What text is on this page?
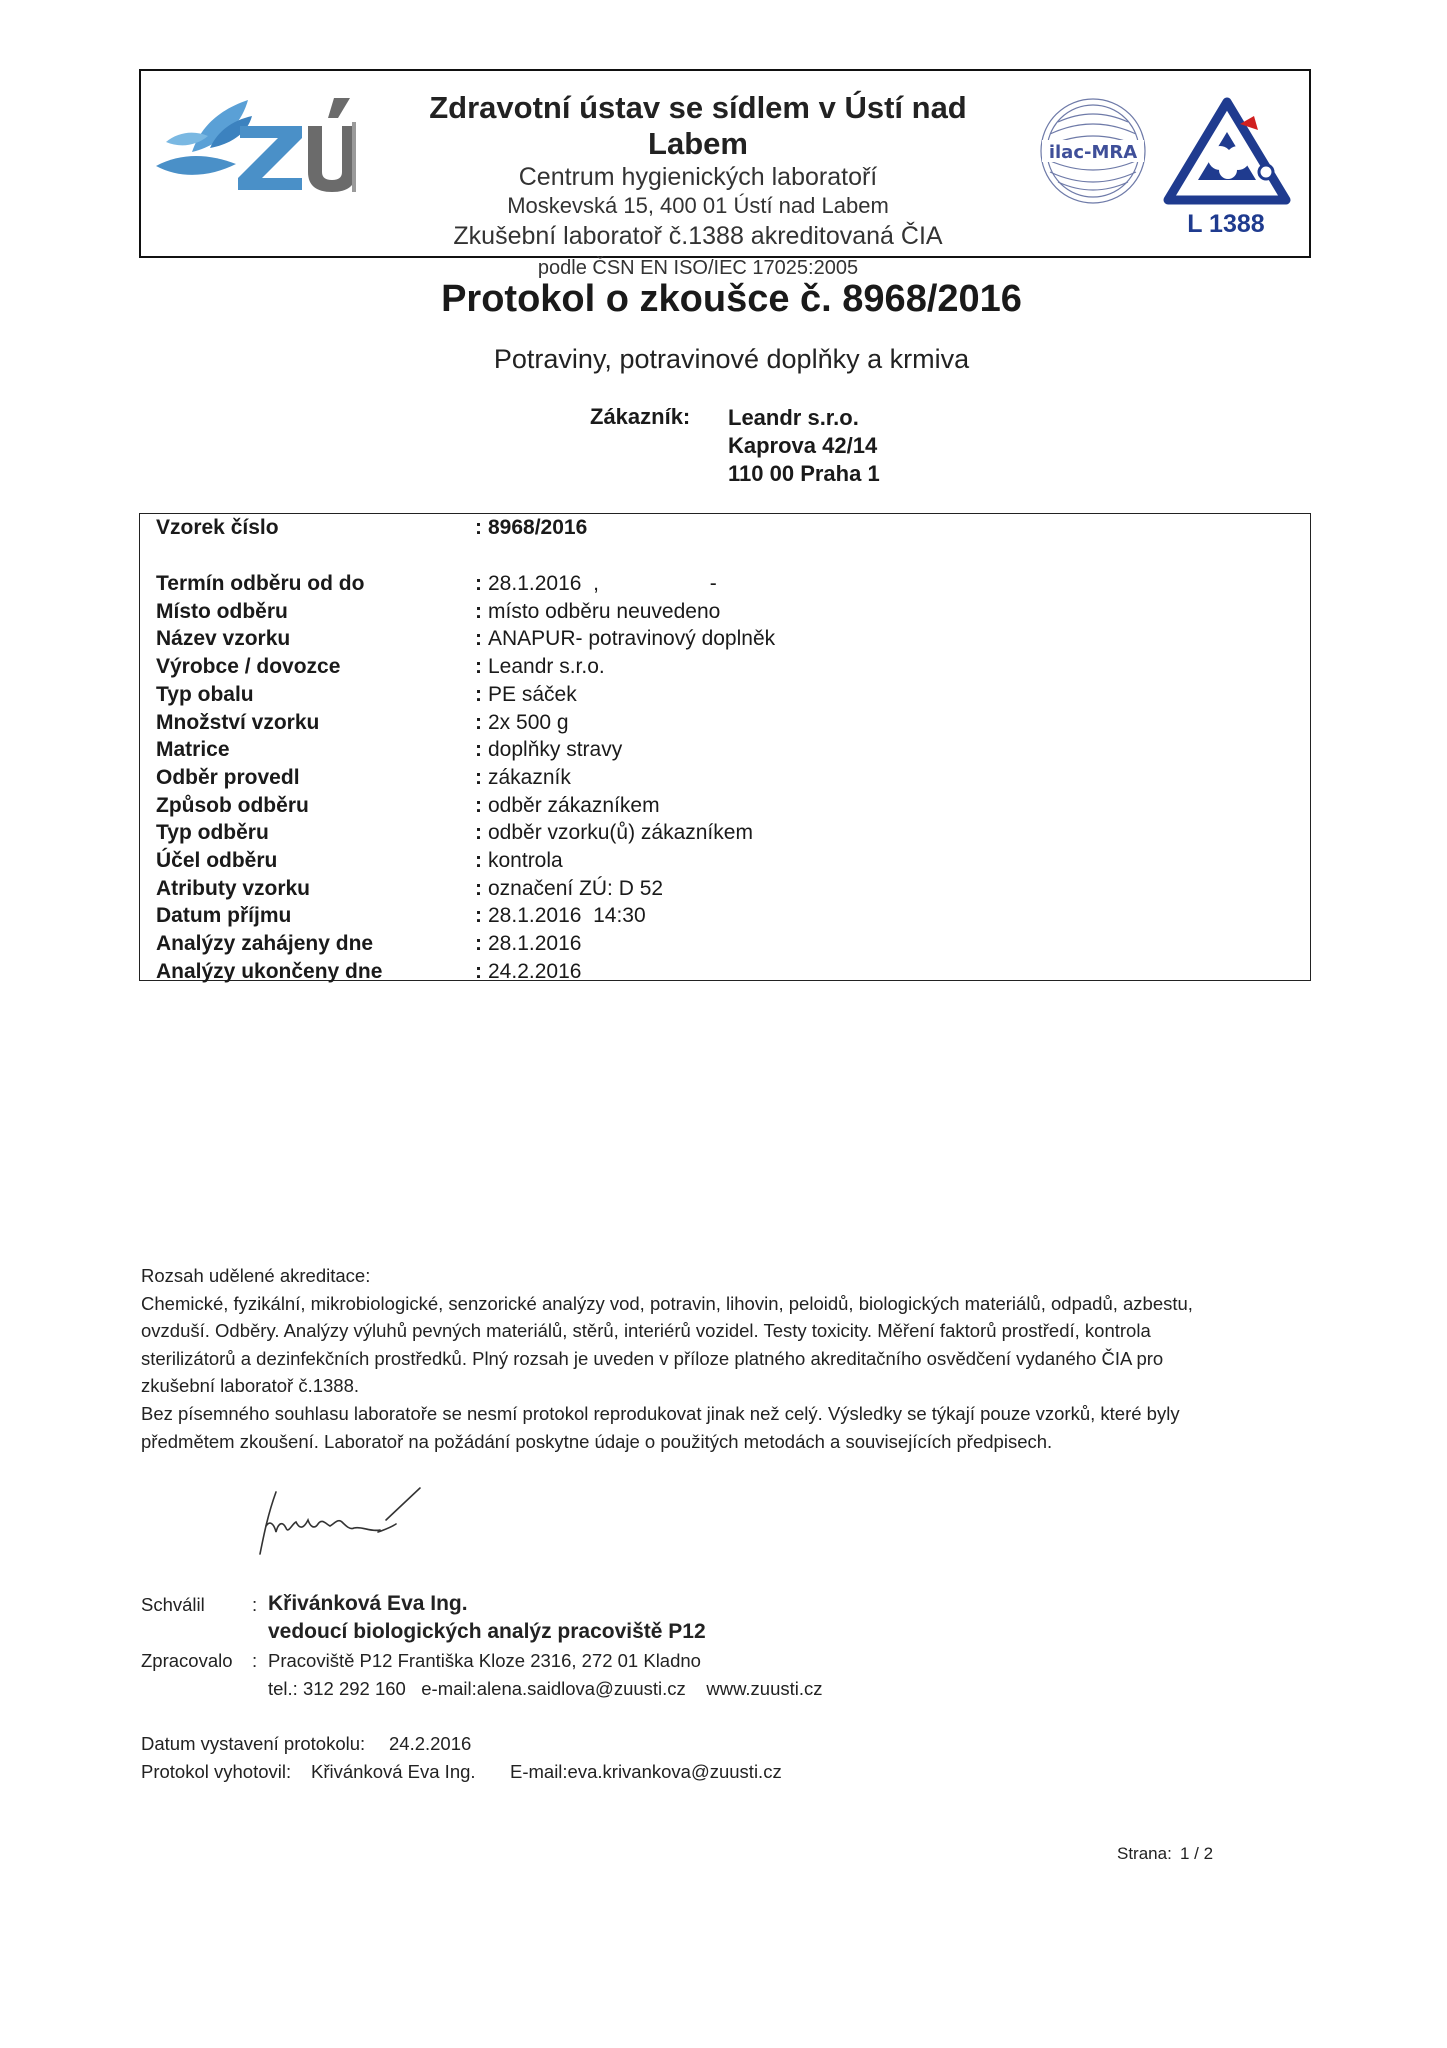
Zdravotní ústav se sídlem v Ústí nad Labem
Centrum hygienických laboratoří
Moskevská 15, 400 01 Ústí nad Labem
Zkušební laboratoř č.1388 akreditovaná ČIA
podle ČSN EN ISO/IEC 17025:2005
ilac-MRA
L 1388
Protokol o zkoušce č. 8968/2016
Potraviny, potravinové doplňky a krmiva
Zákazník: Leandr s.r.o.
Kaprova 42/14
110 00 Praha 1
Vzorek číslo	: 8968/2016
Termín odběru od do	: 28.1.2016  ,                   -
Místo odběru	: místo odběru neuvedeno
Název vzorku	: ANAPUR- potravinový doplněk
Výrobce / dovozce	: Leandr s.r.o.
Typ obalu	: PE sáček
Množství vzorku	: 2x 500 g
Matrice	: doplňky stravy
Odběr provedl	: zákazník
Způsob odběru	: odběr zákazníkem
Typ odběru	: odběr vzorku(ů) zákazníkem
Účel odběru	: kontrola
Atributy vzorku	: označení ZÚ: D 52
Datum příjmu	: 28.1.2016  14:30
Analýzy zahájeny dne	: 28.1.2016
Analýzy ukončeny dne	: 24.2.2016
Rozsah udělené akreditace:
Chemické, fyzikální, mikrobiologické, senzorické analýzy vod, potravin, lihovin, peloidů, biologických materiálů, odpadů, azbestu,
ovzduší. Odběry. Analýzy výluhů pevných materiálů, stěrů, interiérů vozidel. Testy toxicity. Měření faktorů prostředí, kontrola
sterilizátorů a dezinfekčních prostředků. Plný rozsah je uveden v příloze platného akreditačního osvědčení vydaného ČIA pro
zkušební laboratoř č.1388.
Bez písemného souhlasu laboratoře se nesmí protokol reprodukovat jinak než celý. Výsledky se týkají pouze vzorků, které byly
předmětem zkoušení. Laboratoř na požádání poskytne údaje o použitých metodách a souvisejících předpisech.
Schválil	: Křivánková Eva Ing.
vedoucí biologických analýz pracoviště P12
Zpracovalo : Pracoviště P12 Františka Kloze 2316, 272 01 Kladno
tel.: 312 292 160   e-mail:alena.saidlova@zuusti.cz    www.zuusti.cz
Datum vystavení protokolu: 24.2.2016
Protokol vyhotovil: Křivánková Eva Ing. E-mail:eva.krivankova@zuusti.cz
Strana: 1 / 2
